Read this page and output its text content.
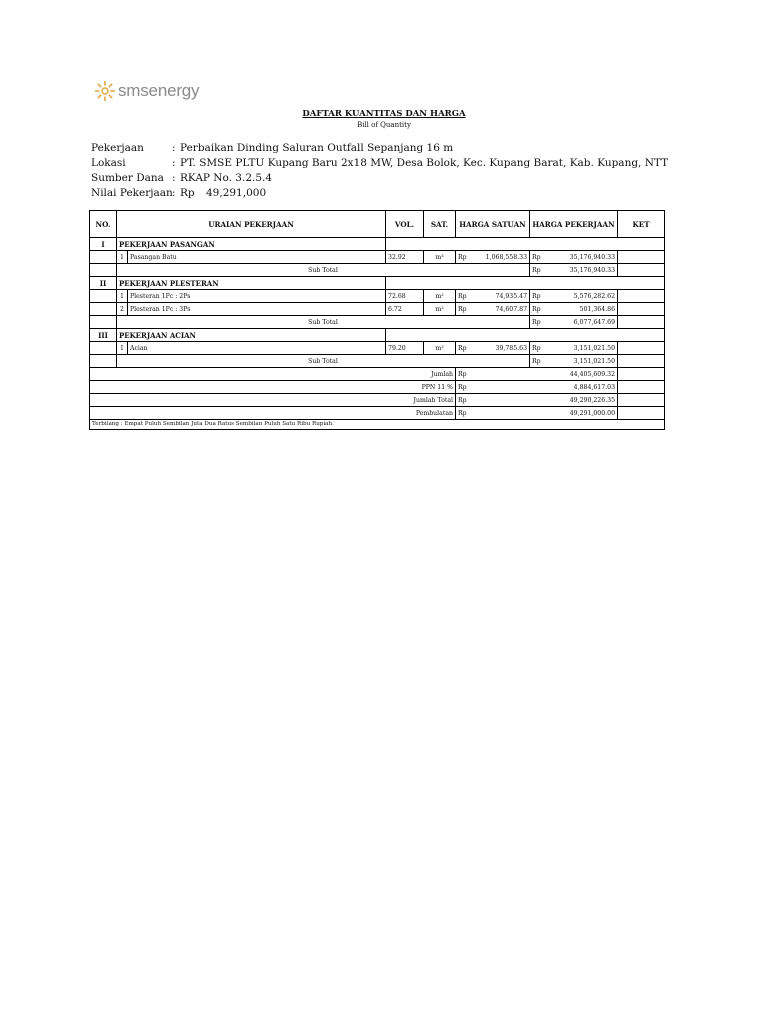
smsenergy
DAFTAR KUANTITAS DAN HARGA
Bill of Quantity
Pekerjaan	: Perbaikan Dinding Saluran Outfall Sepanjang 16 m
Lokasi	: PT. SMSE PLTU Kupang Baru 2x18 MW, Desa Bolok, Kec. Kupang Barat, Kab. Kupang, NTT
Sumber Dana : RKAP No. 3.2.5.4
Nilai Pekerjaan : Rp 49,291,000
NO.	URAIAN PEKERJAAN		VOL.	SAT.	HARGA SATUAN	HARGA PEKERJAAN	KET
I	PEKERJAAN PASANGAN						
	1	Pasangan Batu	32.92	m³	Rp 1,068,558.33	Rp 35,176,940.33	

	Sub Total					Rp 35,176,940.33	

II	PEKERJAAN PLESTERAN						
	1	Plesteran 1Pc : 2Ps	72.68	m²	Rp 74,935.47	Rp 5,576,282.62	

	2	Plesteran 1Pc : 3Ps	6.72	m²	Rp 74,607.87	Rp 501,364.86	

	Sub Total					Rp 6,077,647.69	

III	PEKERJAAN ACIAN						
	1	Acian	79.20	m²	Rp 39,785.63	Rp 3,151,021.50	

	Sub Total					Rp 3,151,021.50	

Jumlah					Rp 44,405,609.32		

PPN 11 %					Rp 4,884,617.03		

Jumlah Total					Rp 49,290,226.35		

Pembulatan					Rp 49,291,000.00		

Terbilang : Empat Puluh Sembilan Juta Dua Ratus Sembilan Puluh Satu Ribu Rupiah.							
